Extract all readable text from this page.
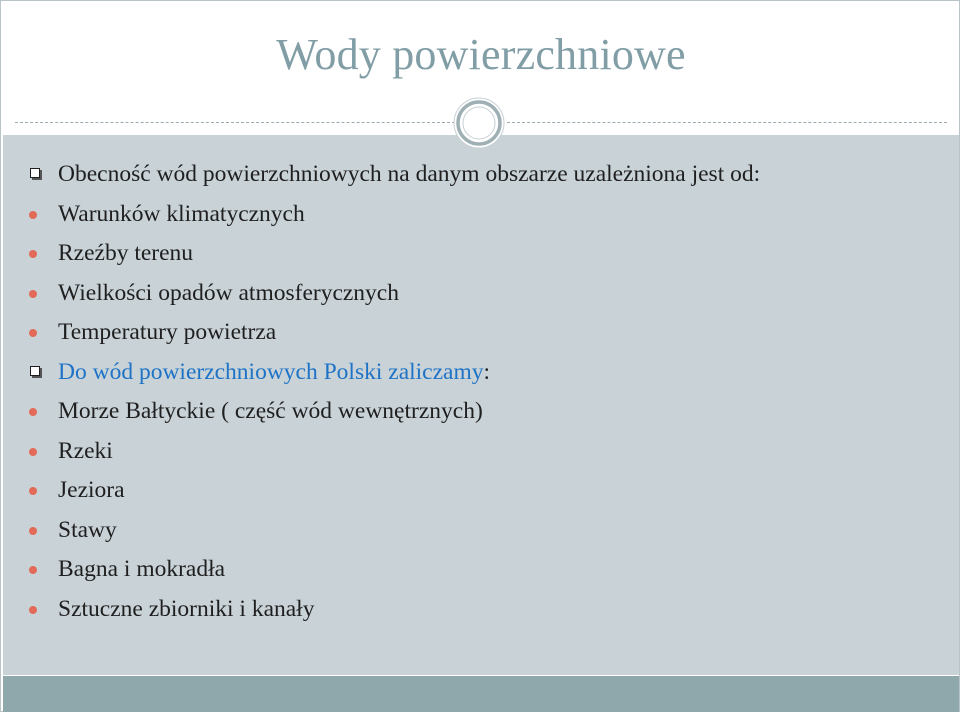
Wody powierzchniowe
Obecność wód powierzchniowych na danym obszarze uzależniona jest od:
Warunków klimatycznych
Rzeźby terenu
Wielkości opadów atmosferycznych
Temperatury powietrza
Do wód powierzchniowych Polski zaliczamy:
Morze Bałtyckie ( część wód wewnętrznych)
Rzeki
Jeziora
Stawy
Bagna i mokradła
Sztuczne zbiorniki i kanały
